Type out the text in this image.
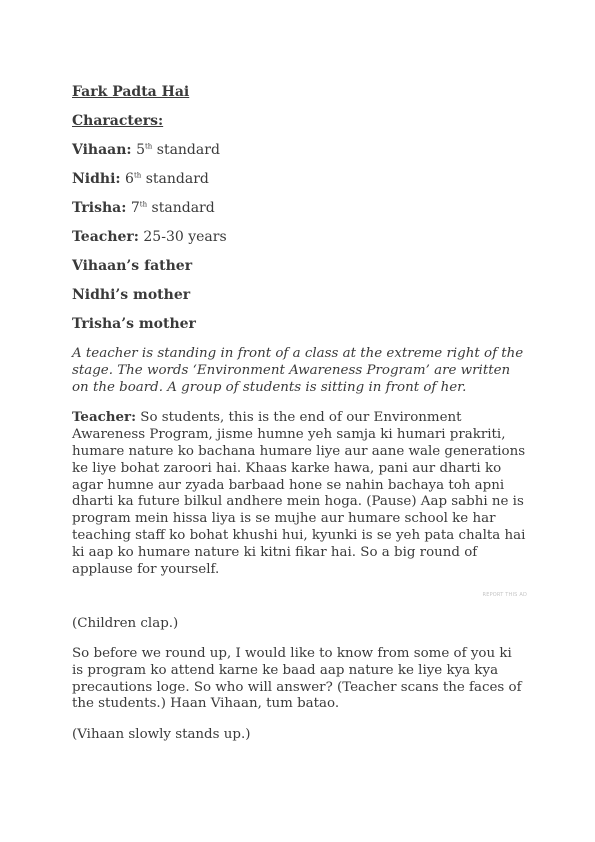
Fark Padta Hai

Characters:

Vihaan: 5th standard

Nidhi: 6th standard

Trisha: 7th standard

Teacher: 25-30 years

Vihaan’s father

Nidhi’s mother

Trisha’s mother

A teacher is standing in front of a class at the extreme right of the stage. The words ‘Environment Awareness Program’ are written on the board. A group of students is sitting in front of her.

Teacher: So students, this is the end of our Environment Awareness Program, jisme humne yeh samja ki humari prakriti, humare nature ko bachana humare liye aur aane wale generations ke liye bohat zaroori hai. Khaas karke hawa, pani aur dharti ko agar humne aur zyada barbaad hone se nahin bachaya toh apni dharti ka future bilkul andhere mein hoga. (Pause) Aap sabhi ne is program mein hissa liya is se mujhe aur humare school ke har teaching staff ko bohat khushi hui, kyunki is se yeh pata chalta hai ki aap ko humare nature ki kitni fikar hai. So a big round of applause for yourself.

REPORT THIS AD

(Children clap.)

So before we round up, I would like to know from some of you ki is program ko attend karne ke baad aap nature ke liye kya kya precautions loge. So who will answer? (Teacher scans the faces of the students.) Haan Vihaan, tum batao.

(Vihaan slowly stands up.)
